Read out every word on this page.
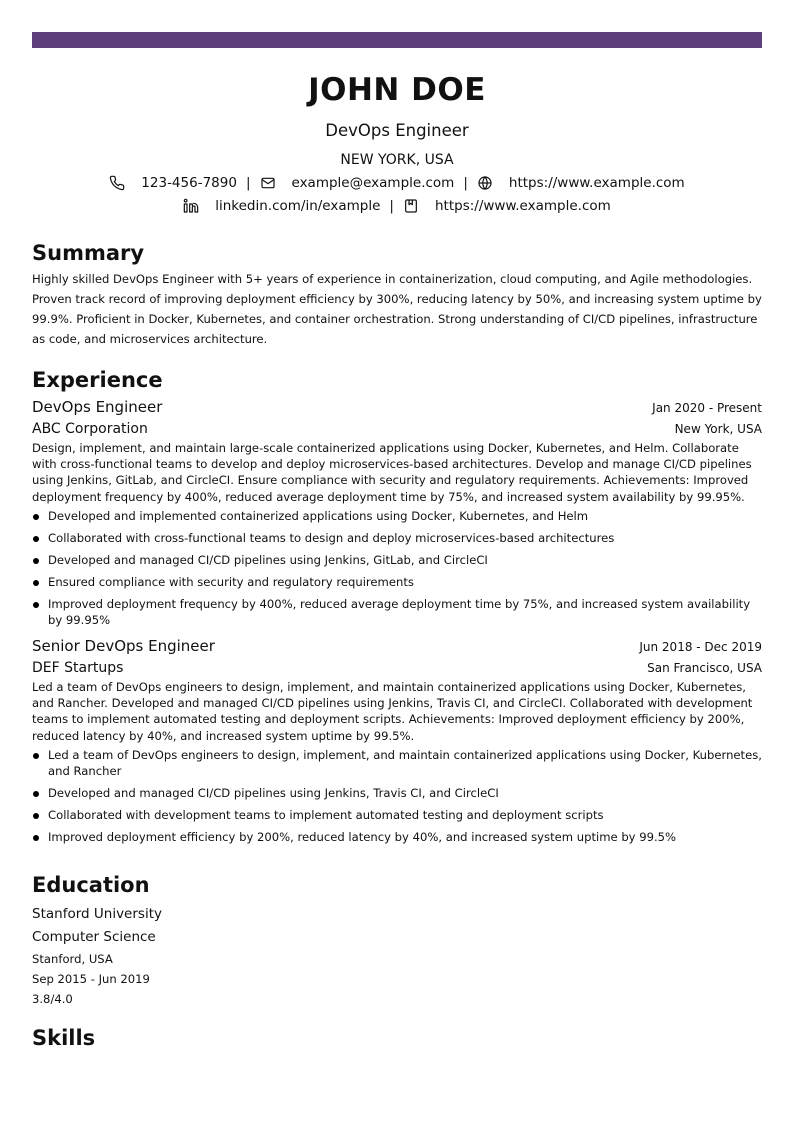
JOHN DOE
DevOps Engineer
NEW YORK, USA
123-456-7890 |	example@example.com |	https://www.example.com
linkedin.com/in/example |	https://www.example.com
Summary
Highly skilled DevOps Engineer with 5+ years of experience in containerization, cloud computing, and Agile methodologies. Proven track record of improving deployment efficiency by 300%, reducing latency by 50%, and increasing system uptime by 99.9%. Proficient in Docker, Kubernetes, and container orchestration. Strong understanding of CI/CD pipelines, infrastructure as code, and microservices architecture.
Experience
DevOps Engineer	Jan 2020 - Present
ABC Corporation	New York, USA
Design, implement, and maintain large-scale containerized applications using Docker, Kubernetes, and Helm. Collaborate with cross-functional teams to develop and deploy microservices-based architectures. Develop and manage CI/CD pipelines using Jenkins, GitLab, and CircleCI. Ensure compliance with security and regulatory requirements. Achievements: Improved deployment frequency by 400%, reduced average deployment time by 75%, and increased system availability by 99.95%.
Developed and implemented containerized applications using Docker, Kubernetes, and Helm
Collaborated with cross-functional teams to design and deploy microservices-based architectures
Developed and managed CI/CD pipelines using Jenkins, GitLab, and CircleCI
Ensured compliance with security and regulatory requirements
Improved deployment frequency by 400%, reduced average deployment time by 75%, and increased system availability by 99.95%
Senior DevOps Engineer	Jun 2018 - Dec 2019
DEF Startups	San Francisco, USA
Led a team of DevOps engineers to design, implement, and maintain containerized applications using Docker, Kubernetes, and Rancher. Developed and managed CI/CD pipelines using Jenkins, Travis CI, and CircleCI. Collaborated with development teams to implement automated testing and deployment scripts. Achievements: Improved deployment efficiency by 200%, reduced latency by 40%, and increased system uptime by 99.5%.
Led a team of DevOps engineers to design, implement, and maintain containerized applications using Docker, Kubernetes, and Rancher
Developed and managed CI/CD pipelines using Jenkins, Travis CI, and CircleCI
Collaborated with development teams to implement automated testing and deployment scripts
Improved deployment efficiency by 200%, reduced latency by 40%, and increased system uptime by 99.5%
Education
Stanford University
Computer Science
Stanford, USA
Sep 2015 - Jun 2019
3.8/4.0
Skills
